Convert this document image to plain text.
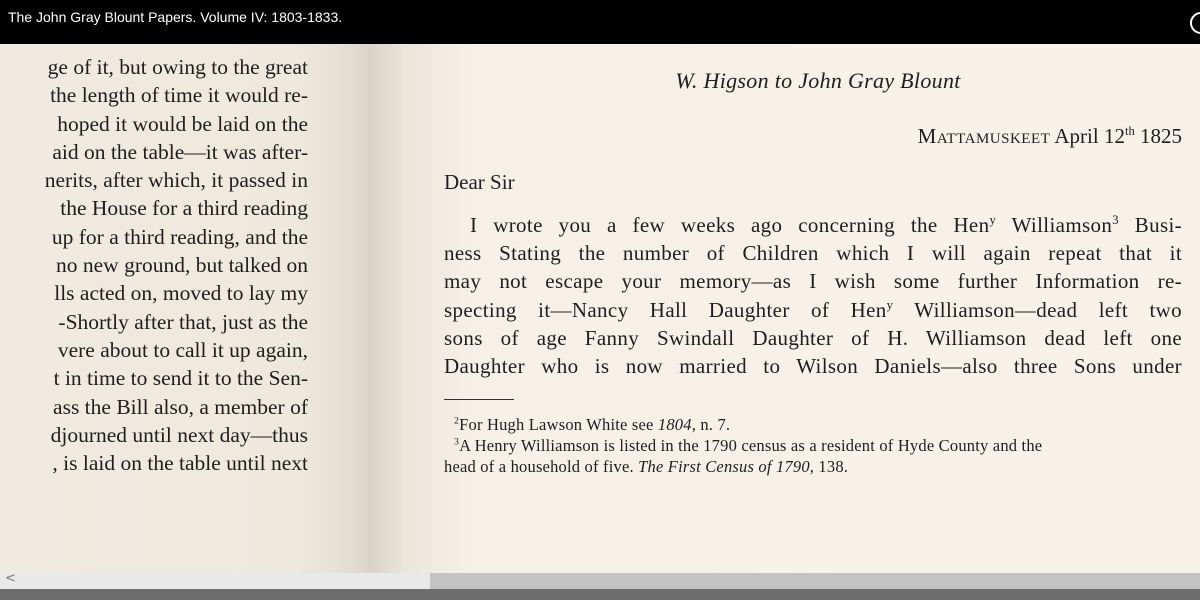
The John Gray Blount Papers. Volume IV: 1803-1833.
ge of it, but owing to the great
the length of time it would re-
hoped it would be laid on the
aid on the table—it was after-
nerits, after which, it passed in
the House for a third reading
up for a third reading, and the
no new ground, but talked on
lls acted on, moved to lay my
-Shortly after that, just as the
vere about to call it up again,
t in time to send it to the Sen-
ass the Bill also, a member of
djourned until next day—thus
, is laid on the table until next
W. Higson to John Gray Blount
Mattamuskeet April 12th 1825
Dear Sir
I wrote you a few weeks ago concerning the Hen$^y$ Williamson$^3$ Busi-
ness Stating the number of Children which I will again repeat that it
may not escape your memory—as I wish some further Information re-
specting it—Nancy Hall Daughter of Hen$^y$ Williamson—dead left two
sons of age Fanny Swindall Daughter of H. Williamson dead left one
Daughter who is now married to Wilson Daniels—also three Sons under
$^2$For Hugh Lawson White see 1804, n. 7.
$^3$A Henry Williamson is listed in the 1790 census as a resident of Hyde County and the
head of a household of five. The First Census of 1790, 138.
<
